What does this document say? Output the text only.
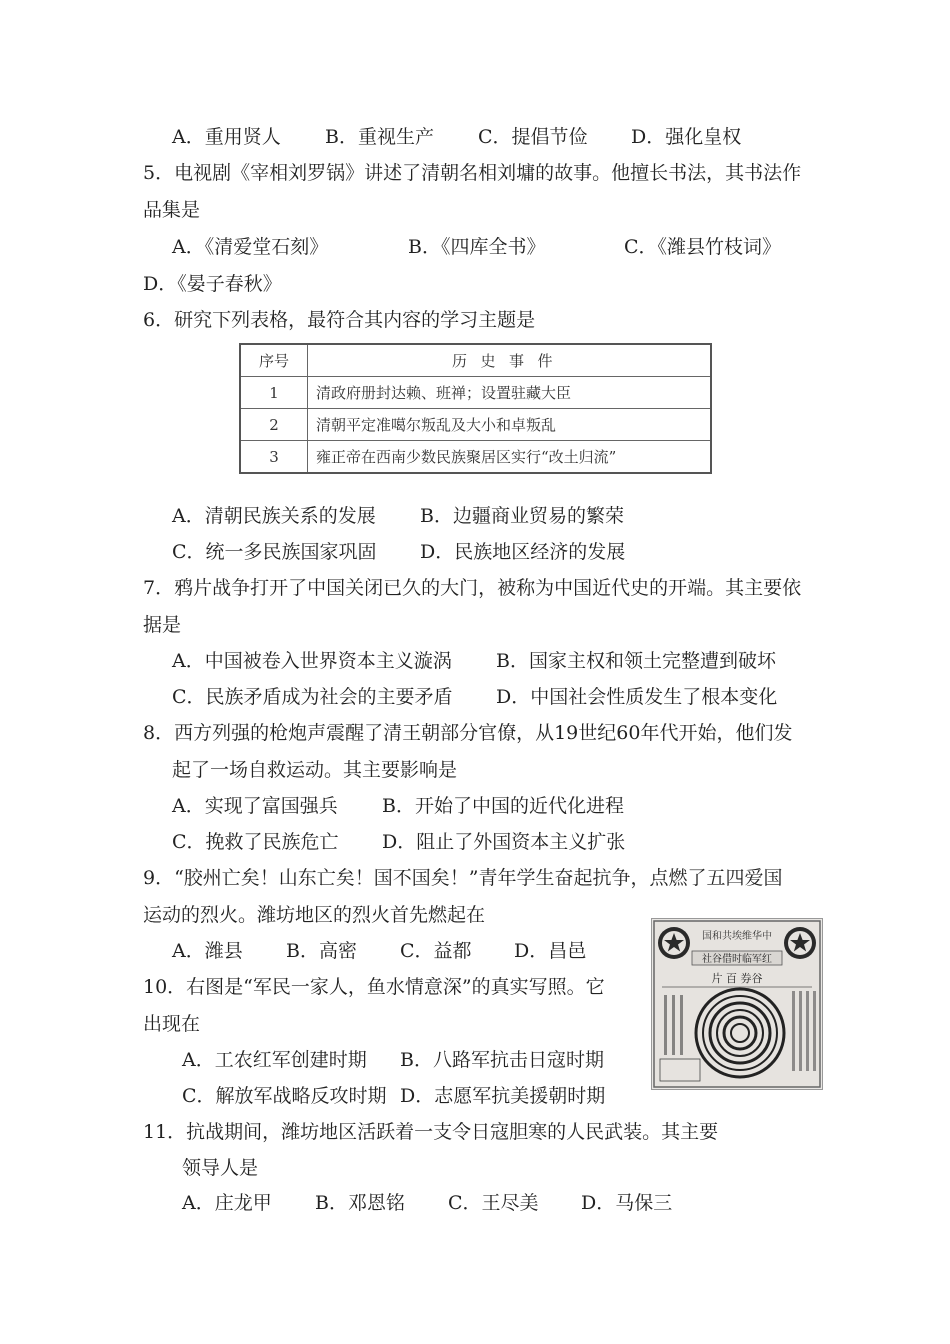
A．重用贤人 B．重视生产 C．提倡节俭 D．强化皇权
5．电视剧《宰相刘罗锅》讲述了清朝名相刘墉的故事。他擅长书法，其书法作
品集是
A．《清爱堂石刻》	B．《四库全书》	C．《潍县竹枝词》
D．《晏子春秋》
6．研究下列表格，最符合其内容的学习主题是
序号	历史事件
1	清政府册封达赖、班禅；设置驻藏大臣
2	清朝平定准噶尔叛乱及大小和卓叛乱
3	雍正帝在西南少数民族聚居区实行“改土归流”
A．清朝民族关系的发展 B．边疆商业贸易的繁荣
C．统一多民族国家巩固 D．民族地区经济的发展
7．鸦片战争打开了中国关闭已久的大门，被称为中国近代史的开端。其主要依
据是
A．中国被卷入世界资本主义漩涡 B．国家主权和领土完整遭到破坏
C．民族矛盾成为社会的主要矛盾 D．中国社会性质发生了根本变化
8．西方列强的枪炮声震醒了清王朝部分官僚，从19世纪60年代开始，他们发
起了一场自救运动。其主要影响是
A．实现了富国强兵 B．开始了中国的近代化进程
C．挽救了民族危亡 D．阻止了外国资本主义扩张
9．“胶州亡矣！山东亡矣！国不国矣！”青年学生奋起抗争，点燃了五四爱国
运动的烈火。潍坊地区的烈火首先燃起在
A．潍县 B．高密 C．益都 D．昌邑
10．右图是“军民一家人，鱼水情意深”的真实写照。它
出现在
A．工农红军创建时期 B．八路军抗击日寇时期
C．解放军战略反攻时期 D．志愿军抗美援朝时期
国和共埃维华中
社谷借时临军红
片 百 券谷
11．抗战期间，潍坊地区活跃着一支令日寇胆寒的人民武装。其主要
领导人是
A．庄龙甲 B．邓恩铭 C．王尽美 D．马保三
